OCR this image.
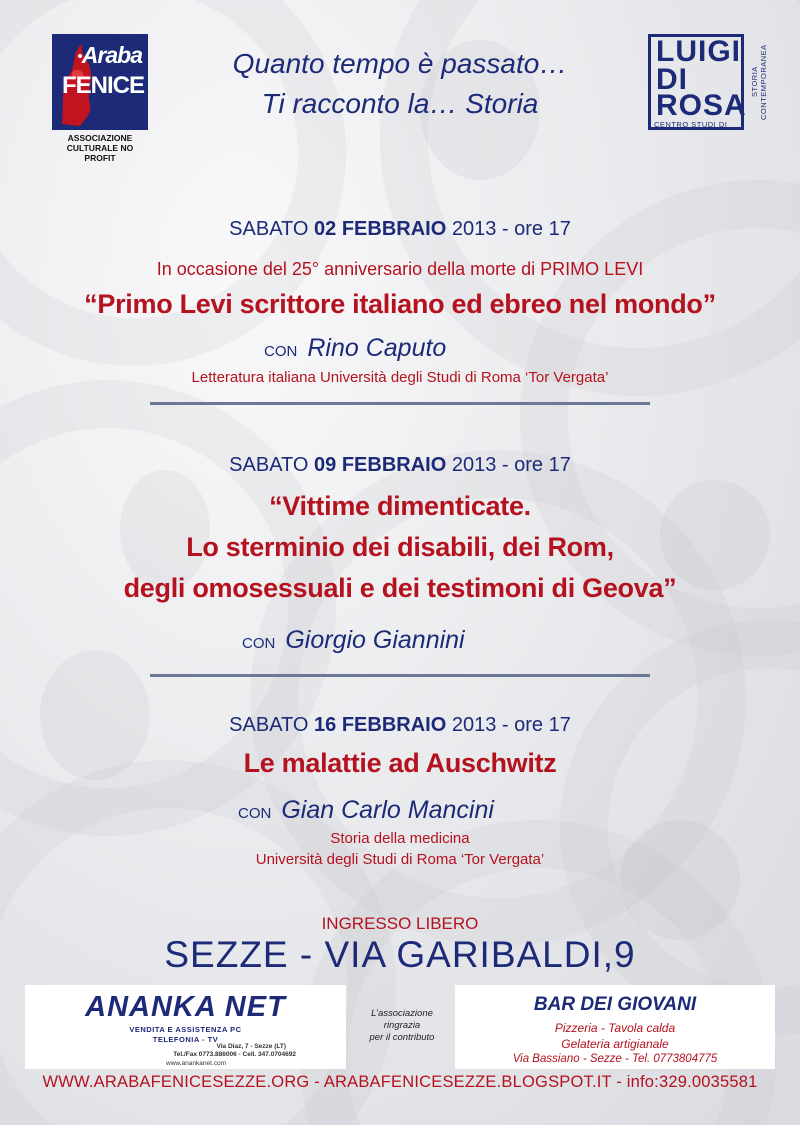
Araba
FENICE
ASSOCIAZIONE
CULTURALE NO PROFIT
Quanto tempo è passato…
Ti racconto la… Storia
LUIGI
DI
ROSA
CENTRO STUDI DI
STORIA CONTEMPORANEA
SABATO 02 FEBBRAIO 2013 - ore 17
In occasione del 25° anniversario della morte di PRIMO LEVI
“Primo Levi scrittore italiano ed ebreo nel mondo”
CON Rino Caputo
Letteratura italiana Università degli Studi di Roma ‘Tor Vergata’
SABATO 09 FEBBRAIO 2013 - ore 17
“Vittime dimenticate.
Lo sterminio dei disabili, dei Rom,
degli omosessuali e dei testimoni di Geova”
CON Giorgio Giannini
SABATO 16 FEBBRAIO 2013 - ore 17
Le malattie ad Auschwitz
CON Gian Carlo Mancini
Storia della medicina
Università degli Studi di Roma ‘Tor Vergata’
INGRESSO LIBERO
SEZZE - VIA GARIBALDI,9
ANANKA NET
VENDITA E ASSISTENZA PC
TELEFONIA - TV
Via Diaz, 7 - Sezze (LT)
Tel./Fax 0773.886006 - Cell. 347.0704692
www.anankanet.com
L’associazione
ringrazia
per il contributo
BAR DEI GIOVANI
Pizzeria - Tavola calda
Gelateria artigianale
Via Bassiano - Sezze - Tel. 0773804775
WWW.ARABAFENICESEZZE.ORG - ARABAFENICESEZZE.BLOGSPOT.IT - info:329.0035581
